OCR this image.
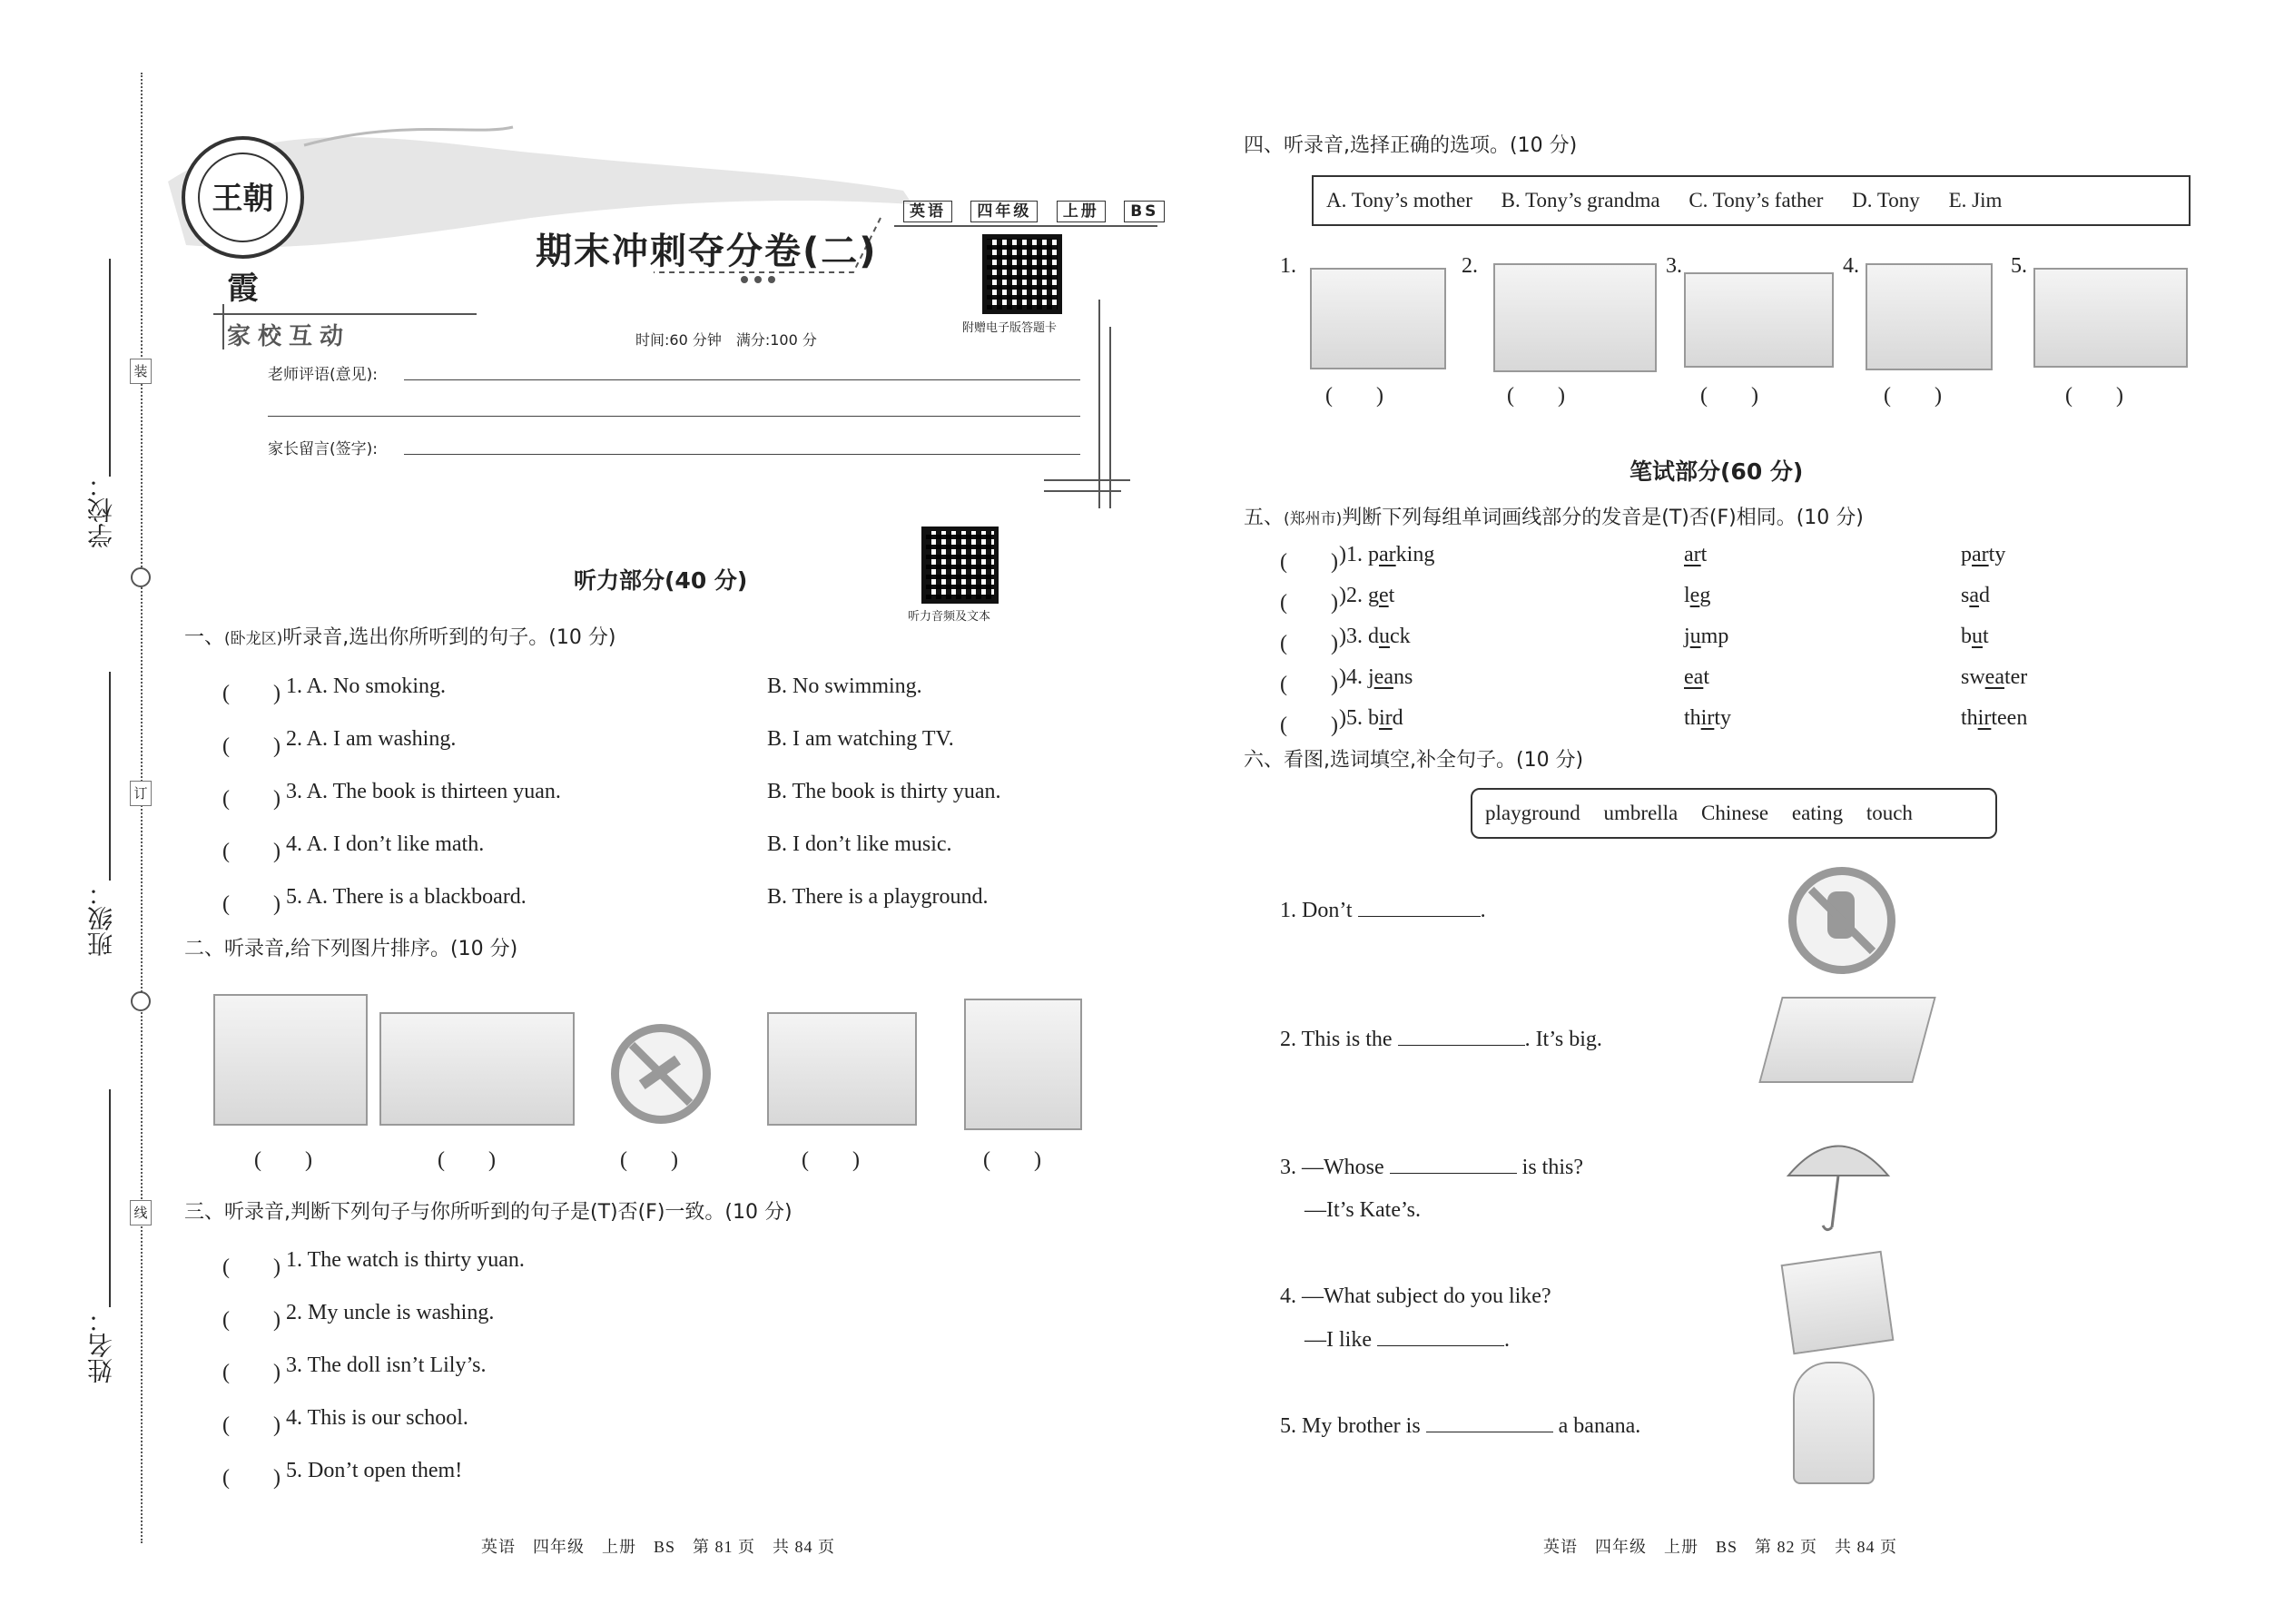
装
订
线
学校：
班级：
姓名：
王朝霞
期末冲刺夺分卷(二)
英语 四年级 上册 BS
附赠电子版答题卡
家校互动	时间:60 分钟　满分:100 分
老师评语(意见):
家长留言(签字):
听力部分(40 分)
听力音频及文本
一、(卧龙区)听录音,选出你所听到的句子。(10 分)
(　　) 1. A. No smoking.	B. No swimming.
(　　) 2. A. I am washing.	B. I am watching TV.
(　　) 3. A. The book is thirteen yuan.	B. The book is thirty yuan.
(　　) 4. A. I don’t like math.	B. I don’t like music.
(　　) 5. A. There is a blackboard.	B. There is a playground.
二、听录音,给下列图片排序。(10 分)
(　　)	(　　)	(　　)	(　　)	(　　)
三、听录音,判断下列句子与你所听到的句子是(T)否(F)一致。(10 分)
(　　) 1. The watch is thirty yuan.
(　　) 2. My uncle is washing.
(　　) 3. The doll isn’t Lily’s.
(　　) 4. This is our school.
(　　) 5. Don’t open them!
英语　四年级　上册　BS　第 81 页　共 84 页
四、听录音,选择正确的选项。(10 分)
A. Tony’s mother B. Tony’s grandma C. Tony’s father D. Tony E. Jim
1.	2.	3.	4.	5.
(　　)	(　　)	(　　)	(　　)	(　　)
笔试部分(60 分)
五、(郑州市)判断下列每组单词画线部分的发音是(T)否(F)相同。(10 分)
(　　) )1. parking	art	party
(　　) )2. get	leg	sad
(　　) )3. duck	jump	but
(　　) )4. jeans	eat	sweater
(　　) )5. bird	thirty	thirteen
六、看图,选词填空,补全句子。(10 分)
playground umbrella Chinese eating touch
1. Don’t	.
2. This is the	. It’s big.
3. —Whose	is this?
—It’s Kate’s.
4. —What subject do you like?
—I like	.
5. My brother is	a banana.
英语　四年级　上册　BS　第 82 页　共 84 页
